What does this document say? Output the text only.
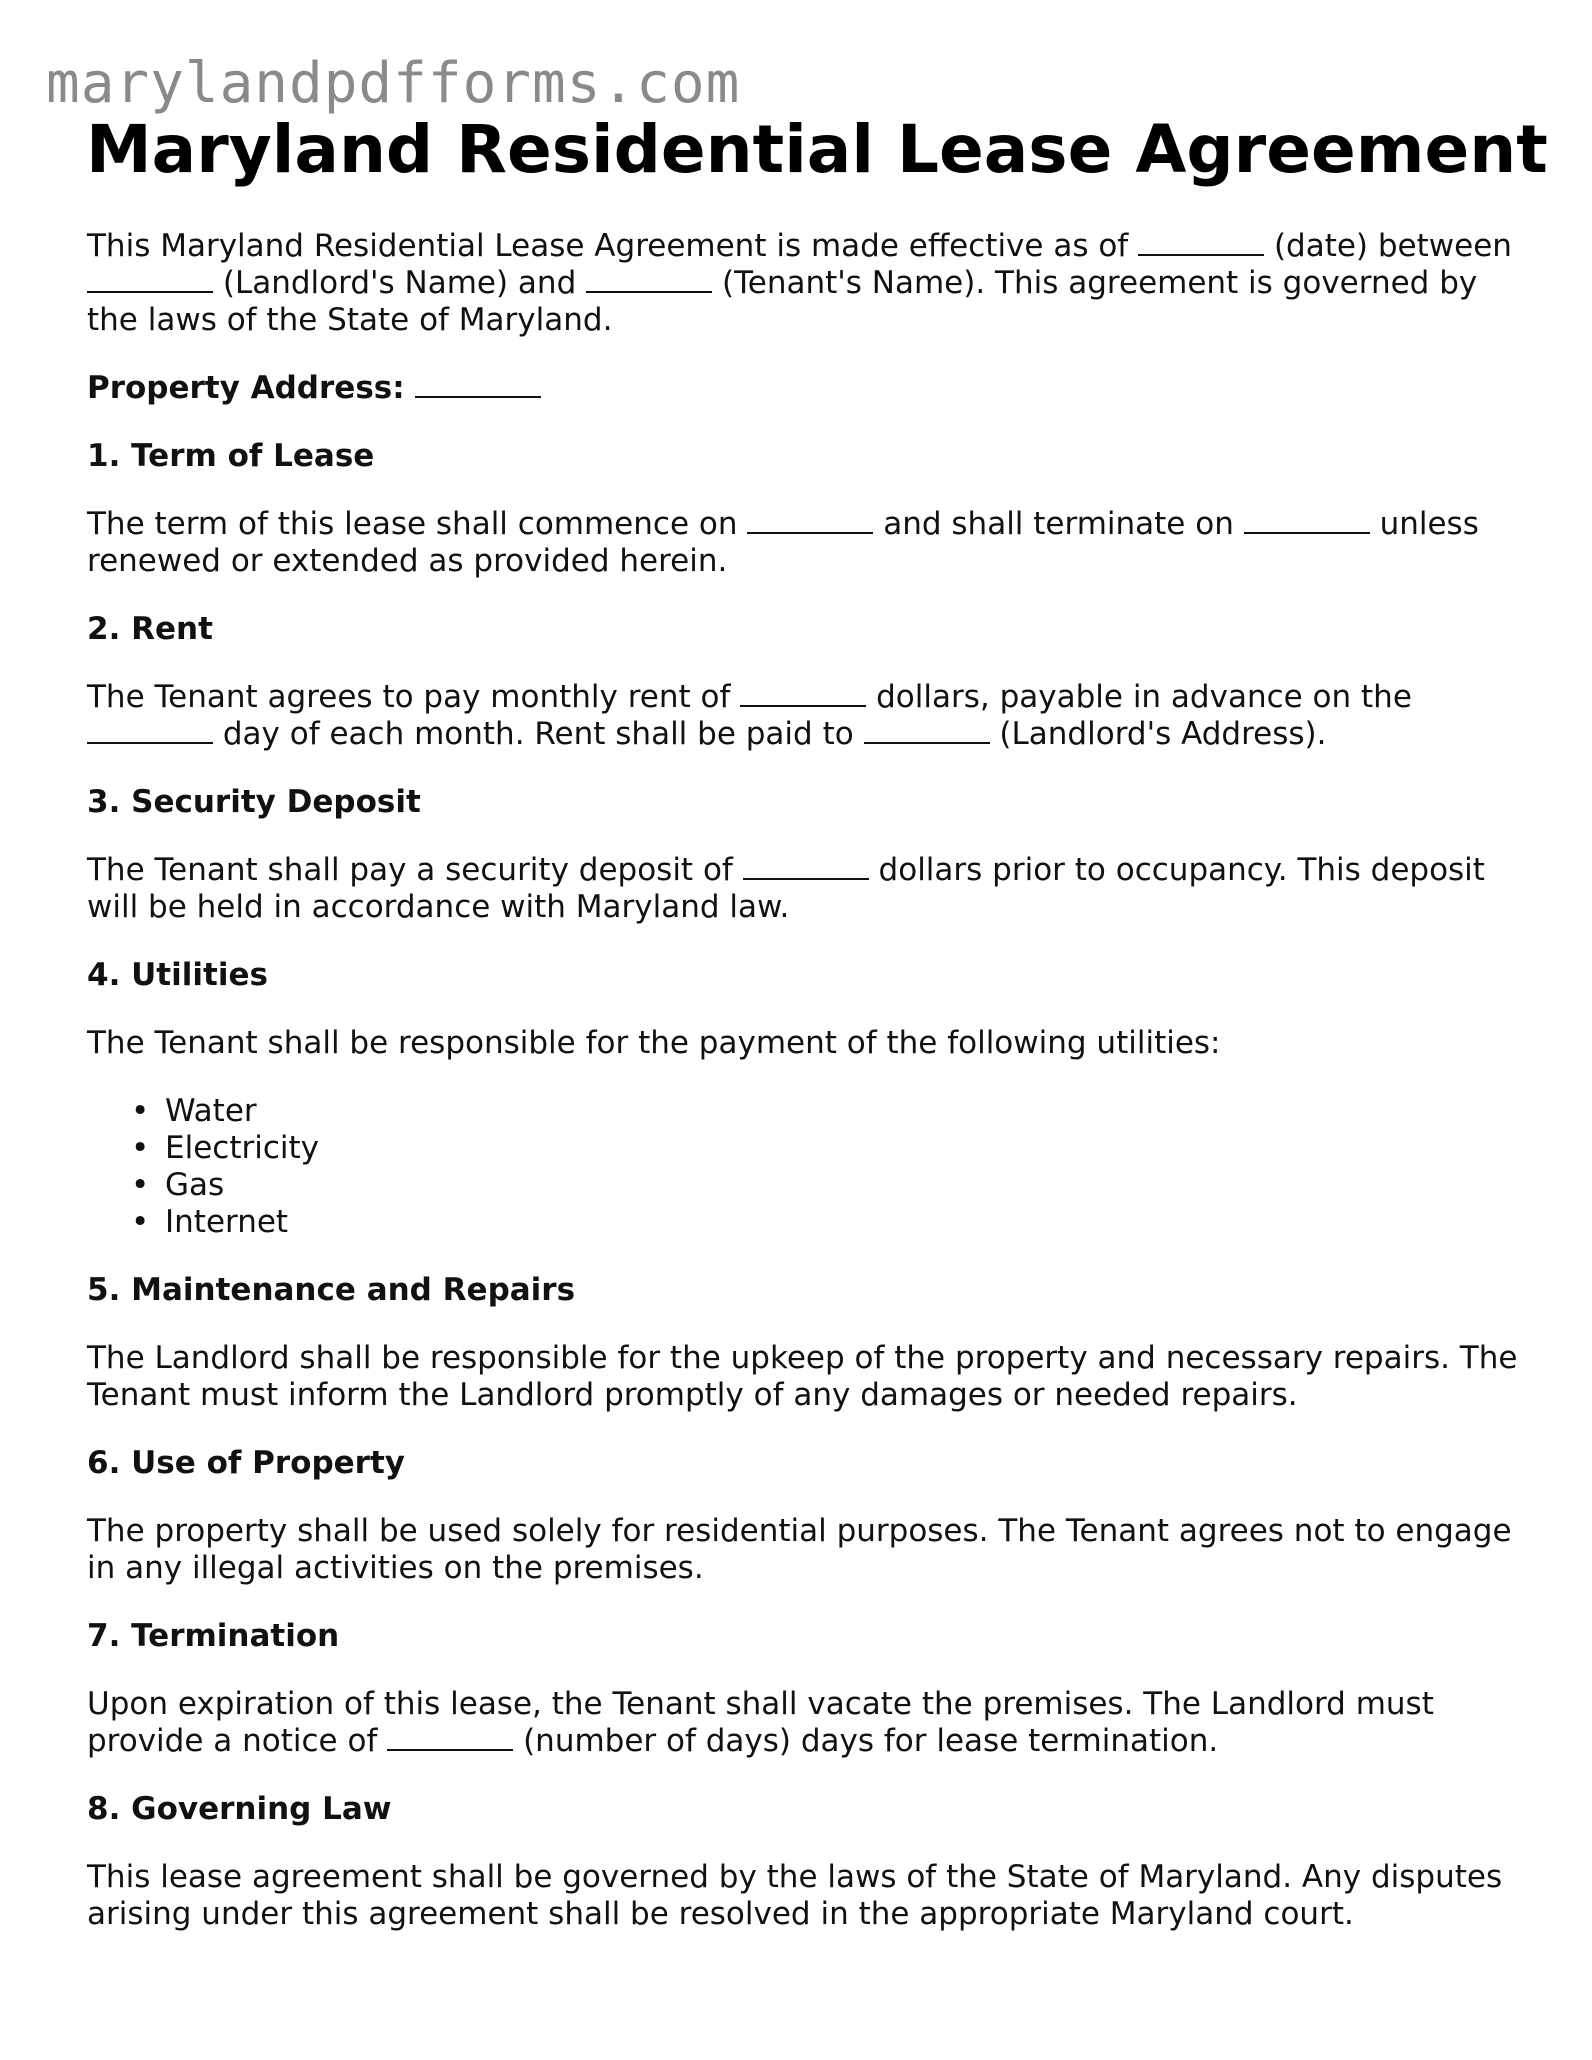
marylandpdfforms.com
Maryland Residential Lease Agreement

This Maryland Residential Lease Agreement is made effective as of	(date) between  (Landlord's Name) and	(Tenant's Name). This agreement is governed by the laws of the State of Maryland.

Property Address:

1. Term of Lease

The term of this lease shall commence on	and shall terminate on	unless renewed or extended as provided herein.

2. Rent

The Tenant agrees to pay monthly rent of	dollars, payable in advance on the  day of each month. Rent shall be paid to	(Landlord's Address).

3. Security Deposit

The Tenant shall pay a security deposit of	dollars prior to occupancy. This deposit will be held in accordance with Maryland law.

4. Utilities

The Tenant shall be responsible for the payment of the following utilities:

• Water
• Electricity
• Gas
• Internet
5. Maintenance and Repairs

The Landlord shall be responsible for the upkeep of the property and necessary repairs. The Tenant must inform the Landlord promptly of any damages or needed repairs.

6. Use of Property

The property shall be used solely for residential purposes. The Tenant agrees not to engage in any illegal activities on the premises.

7. Termination

Upon expiration of this lease, the Tenant shall vacate the premises. The Landlord must provide a notice of	(number of days) days for lease termination.

8. Governing Law

This lease agreement shall be governed by the laws of the State of Maryland. Any disputes arising under this agreement shall be resolved in the appropriate Maryland court.
